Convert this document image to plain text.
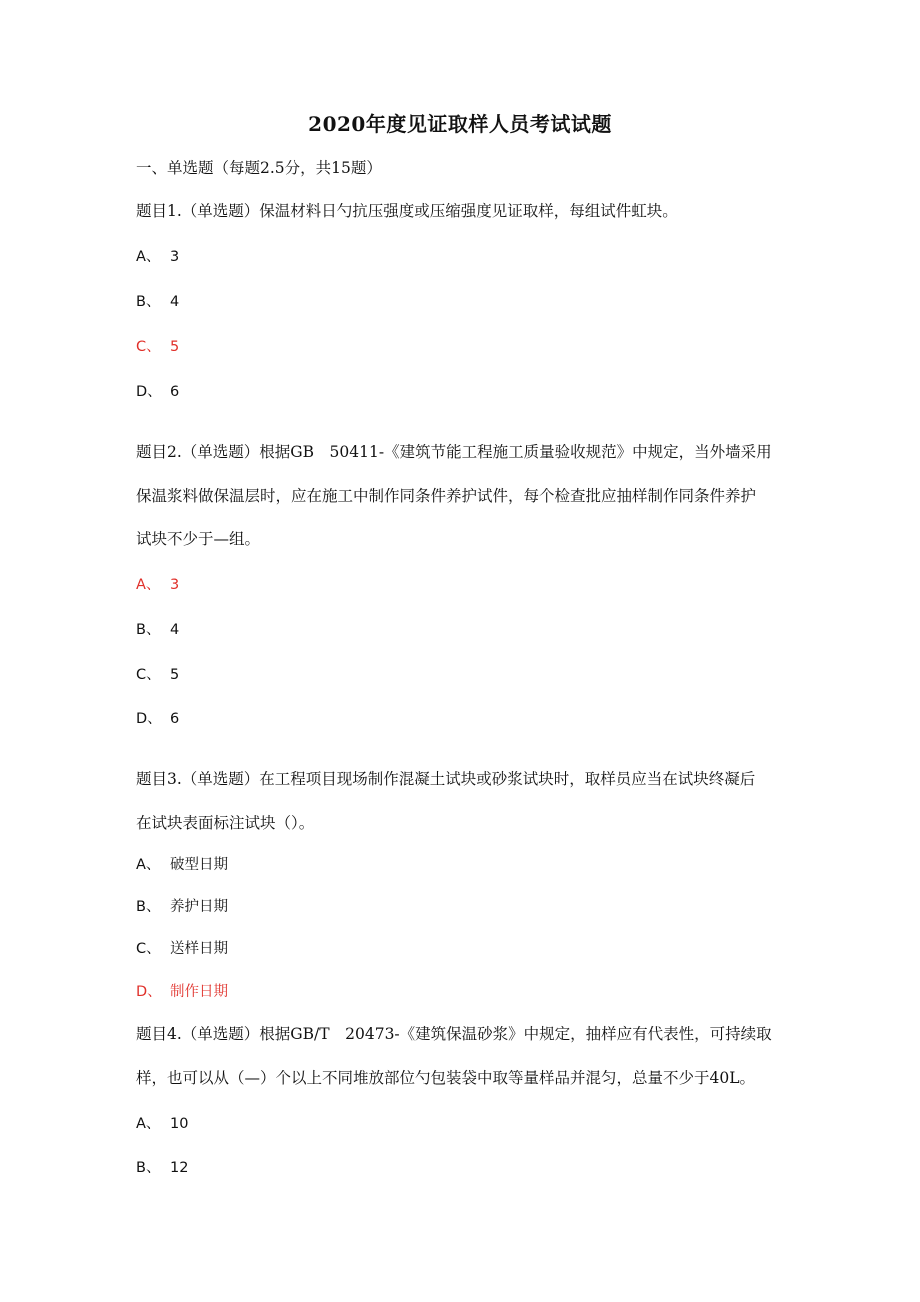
2020年度见证取样人员考试试题
一、单选题（每题2.5分，共15题）
题目1.（单选题）保温材料日勺抗压强度或压缩强度见证取样，每组试件虹块。
A、 3
B、 4
C、 5
D、 6
题目2.（单选题）根据GB　50411-《建筑节能工程施工质量验收规范》中规定，当外墙采用
保温浆料做保温层时，应在施工中制作同条件养护试件，每个检查批应抽样制作同条件养护
试块不少于—组。
A、 3
B、 4
C、 5
D、 6
题目3.（单选题）在工程项目现场制作混凝土试块或砂浆试块时，取样员应当在试块终凝后
在试块表面标注试块（）。
A、 破型日期
B、 养护日期
C、 送样日期
D、 制作日期
题目4.（单选题）根据GB/T　20473-《建筑保温砂浆》中规定，抽样应有代表性，可持续取
样，也可以从（—）个以上不同堆放部位勺包装袋中取等量样品并混匀，总量不少于40L。
A、 10
B、 12
